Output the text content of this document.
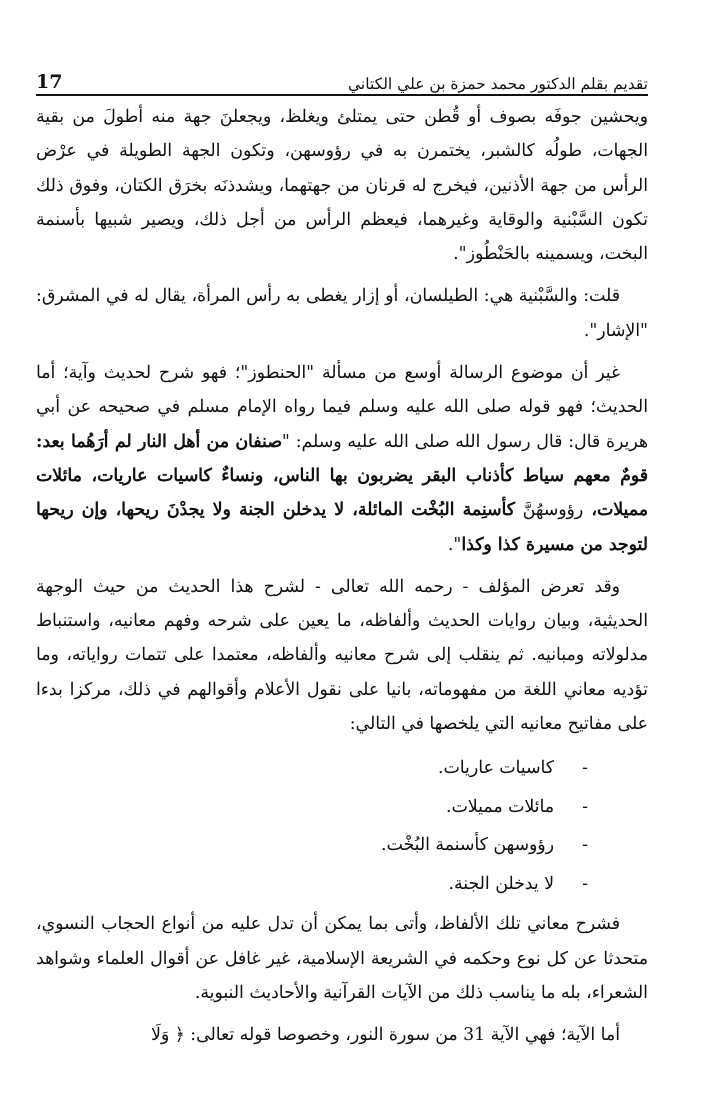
17	تقديم بقلم الدكتور محمد حمزة بن علي الكتاني

ويحشين جوفَه بصوف أو قُطن حتى يمتلئ ويغلظ، ويجعلنَ جهة منه أطولَ من بقية الجهات، طولُه كالشبر، يختمرن به في رؤوسهن، وتكون الجهة الطويلة في عرْض الرأس من جهة الأذنين، فيخرج له قرنان من جهتهما، ويشدذنَه بخرَق الكتان، وفوق ذلك تكون السَّبْنية والوقاية وغيرهما، فيعظم الرأس من أجل ذلك، ويصير شبيها بأسنمة البخت، ويسمينه بالحَنْطُوز".

قلت: والسَّبْنية هي: الطيلسان، أو إزار يغطى به رأس المرأة، يقال له في المشرق: "الإشار".

غير أن موضوع الرسالة أوسع من مسألة "الحنطوز"؛ فهو شرح لحديث وآية؛ أما الحديث؛ فهو قوله صلى الله عليه وسلم فيما رواه الإمام مسلم في صحيحه عن أبي هريرة قال: قال رسول الله صلى الله عليه وسلم: "صنفان من أهل النار لم أرَهُما بعد: قومٌ معهم سياط كأذناب البقر يضربون بها الناس، ونساءٌ كاسيات عاريات، مائلات مميلات، رؤوسهُنَّ كأسنِمة البُخْت المائلة، لا يدخلن الجنة ولا يجدْنَ ريحها، وإن ريحها لتوجد من مسيرة كذا وكذا".

وقد تعرض المؤلف - رحمه الله تعالى - لشرح هذا الحديث من حيث الوجهة الحديثية، وبيان روايات الحديث وألفاظه، ما يعين على شرحه وفهم معانيه، واستنباط مدلولاته ومبانيه. ثم ينقلب إلى شرح معانيه وألفاظه، معتمدا على تتمات رواياته، وما تؤديه معاني اللغة من مفهوماته، بانيا على نقول الأعلام وأقوالهم في ذلك، مركزا بدءا على مفاتيح معانيه التي يلخصها في التالي:

-كاسيات عاريات.
-مائلات مميلات.
-رؤوسهن كأسنمة البُخْت.
-لا يدخلن الجنة.

فشرح معاني تلك الألفاظ، وأتى بما يمكن أن تدل عليه من أنواع الحجاب النسوي، متحدثا عن كل نوع وحكمه في الشريعة الإسلامية، غير غافل عن أقوال العلماء وشواهد الشعراء، بله ما يناسب ذلك من الآيات القرآنية والأحاديث النبوية.

أما الآية؛ فهي الآية 31 من سورة النور، وخصوصا قوله تعالى: ﴿ وَلَا
